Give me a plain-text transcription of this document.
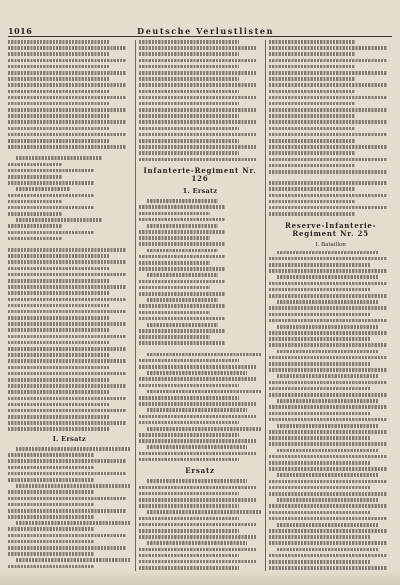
1016	Deutsche Verlustlisten
I. Ersatz
Infanterie-Regiment Nr. 126
1. Ersatz
Ersatz
Reserve-Infanterie-Regiment Nr. 25
I. Bataillon
